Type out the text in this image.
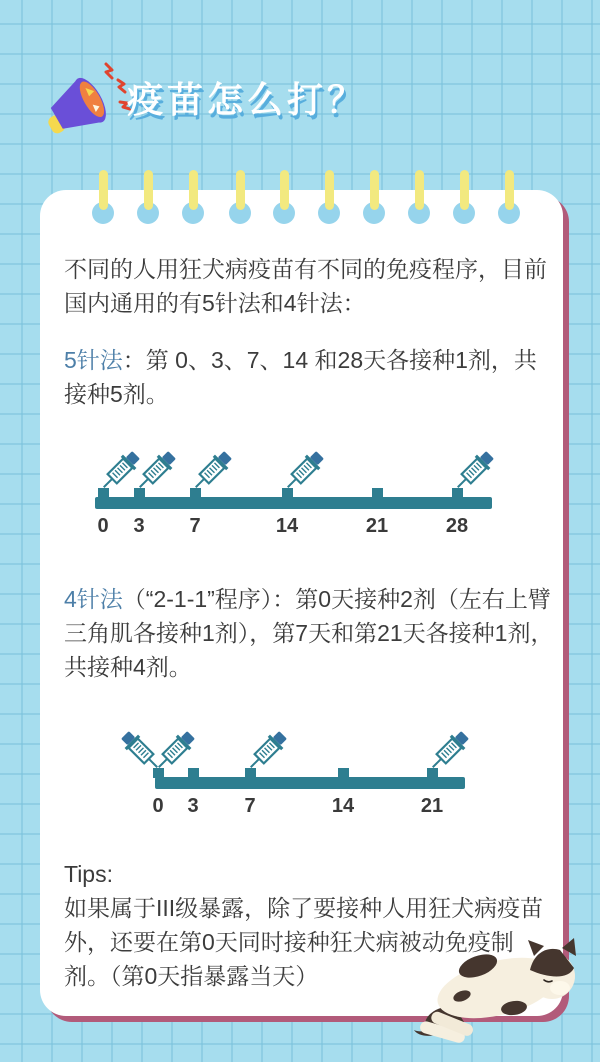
疫苗怎么打？
不同的人用狂犬病疫苗有不同的免疫程序，目前国内通用的有5针法和4针法：
5针法：第 0、3、7、14 和28天各接种1剂，共接种5剂。
0 3 7	14	21	28
4针法（“2-1-1”程序）：第0天接种2剂（左右上臂三角肌各接种1剂），第7天和第21天各接种1剂，共接种4剂。
0 3 7	14	21
Tips:
如果属于III级暴露，除了要接种人用狂犬病疫苗外，还要在第0天同时接种狂犬病被动免疫制剂。（第0天指暴露当天）
